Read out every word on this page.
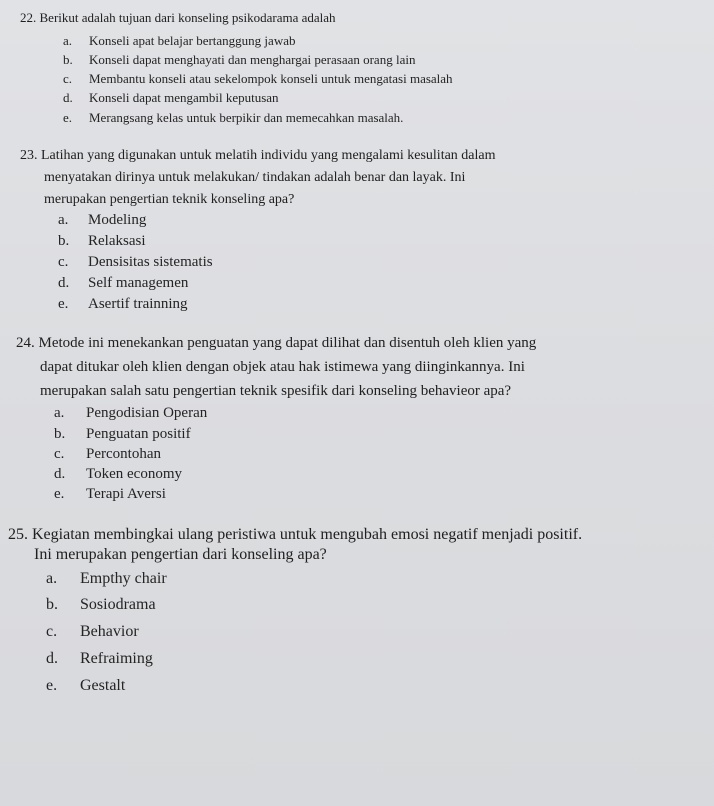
22. Berikut adalah tujuan dari konseling psikodarama adalah
a. Konseli apat belajar bertanggung jawab
b. Konseli dapat menghayati dan menghargai perasaan orang lain
c. Membantu konseli atau sekelompok konseli untuk mengatasi masalah
d. Konseli dapat mengambil keputusan
e. Merangsang kelas untuk berpikir dan memecahkan masalah.
23. Latihan yang digunakan untuk melatih individu yang mengalami kesulitan dalam
menyatakan dirinya untuk melakukan/ tindakan adalah benar dan layak. Ini
merupakan pengertian teknik konseling apa?
a. Modeling
b. Relaksasi
c. Densisitas sistematis
d. Self managemen
e. Asertif trainning
24. Metode ini menekankan penguatan yang dapat dilihat dan disentuh oleh klien yang
dapat ditukar oleh klien dengan objek atau hak istimewa yang diinginkannya. Ini
merupakan salah satu pengertian teknik spesifik dari konseling behavieor apa?
a. Pengodisian Operan
b. Penguatan positif
c. Percontohan
d. Token economy
e. Terapi Aversi
25. Kegiatan membingkai ulang peristiwa untuk mengubah emosi negatif menjadi positif.
Ini merupakan pengertian dari konseling apa?
a. Empthy chair
b. Sosiodrama
c. Behavior
d. Refraiming
e. Gestalt
